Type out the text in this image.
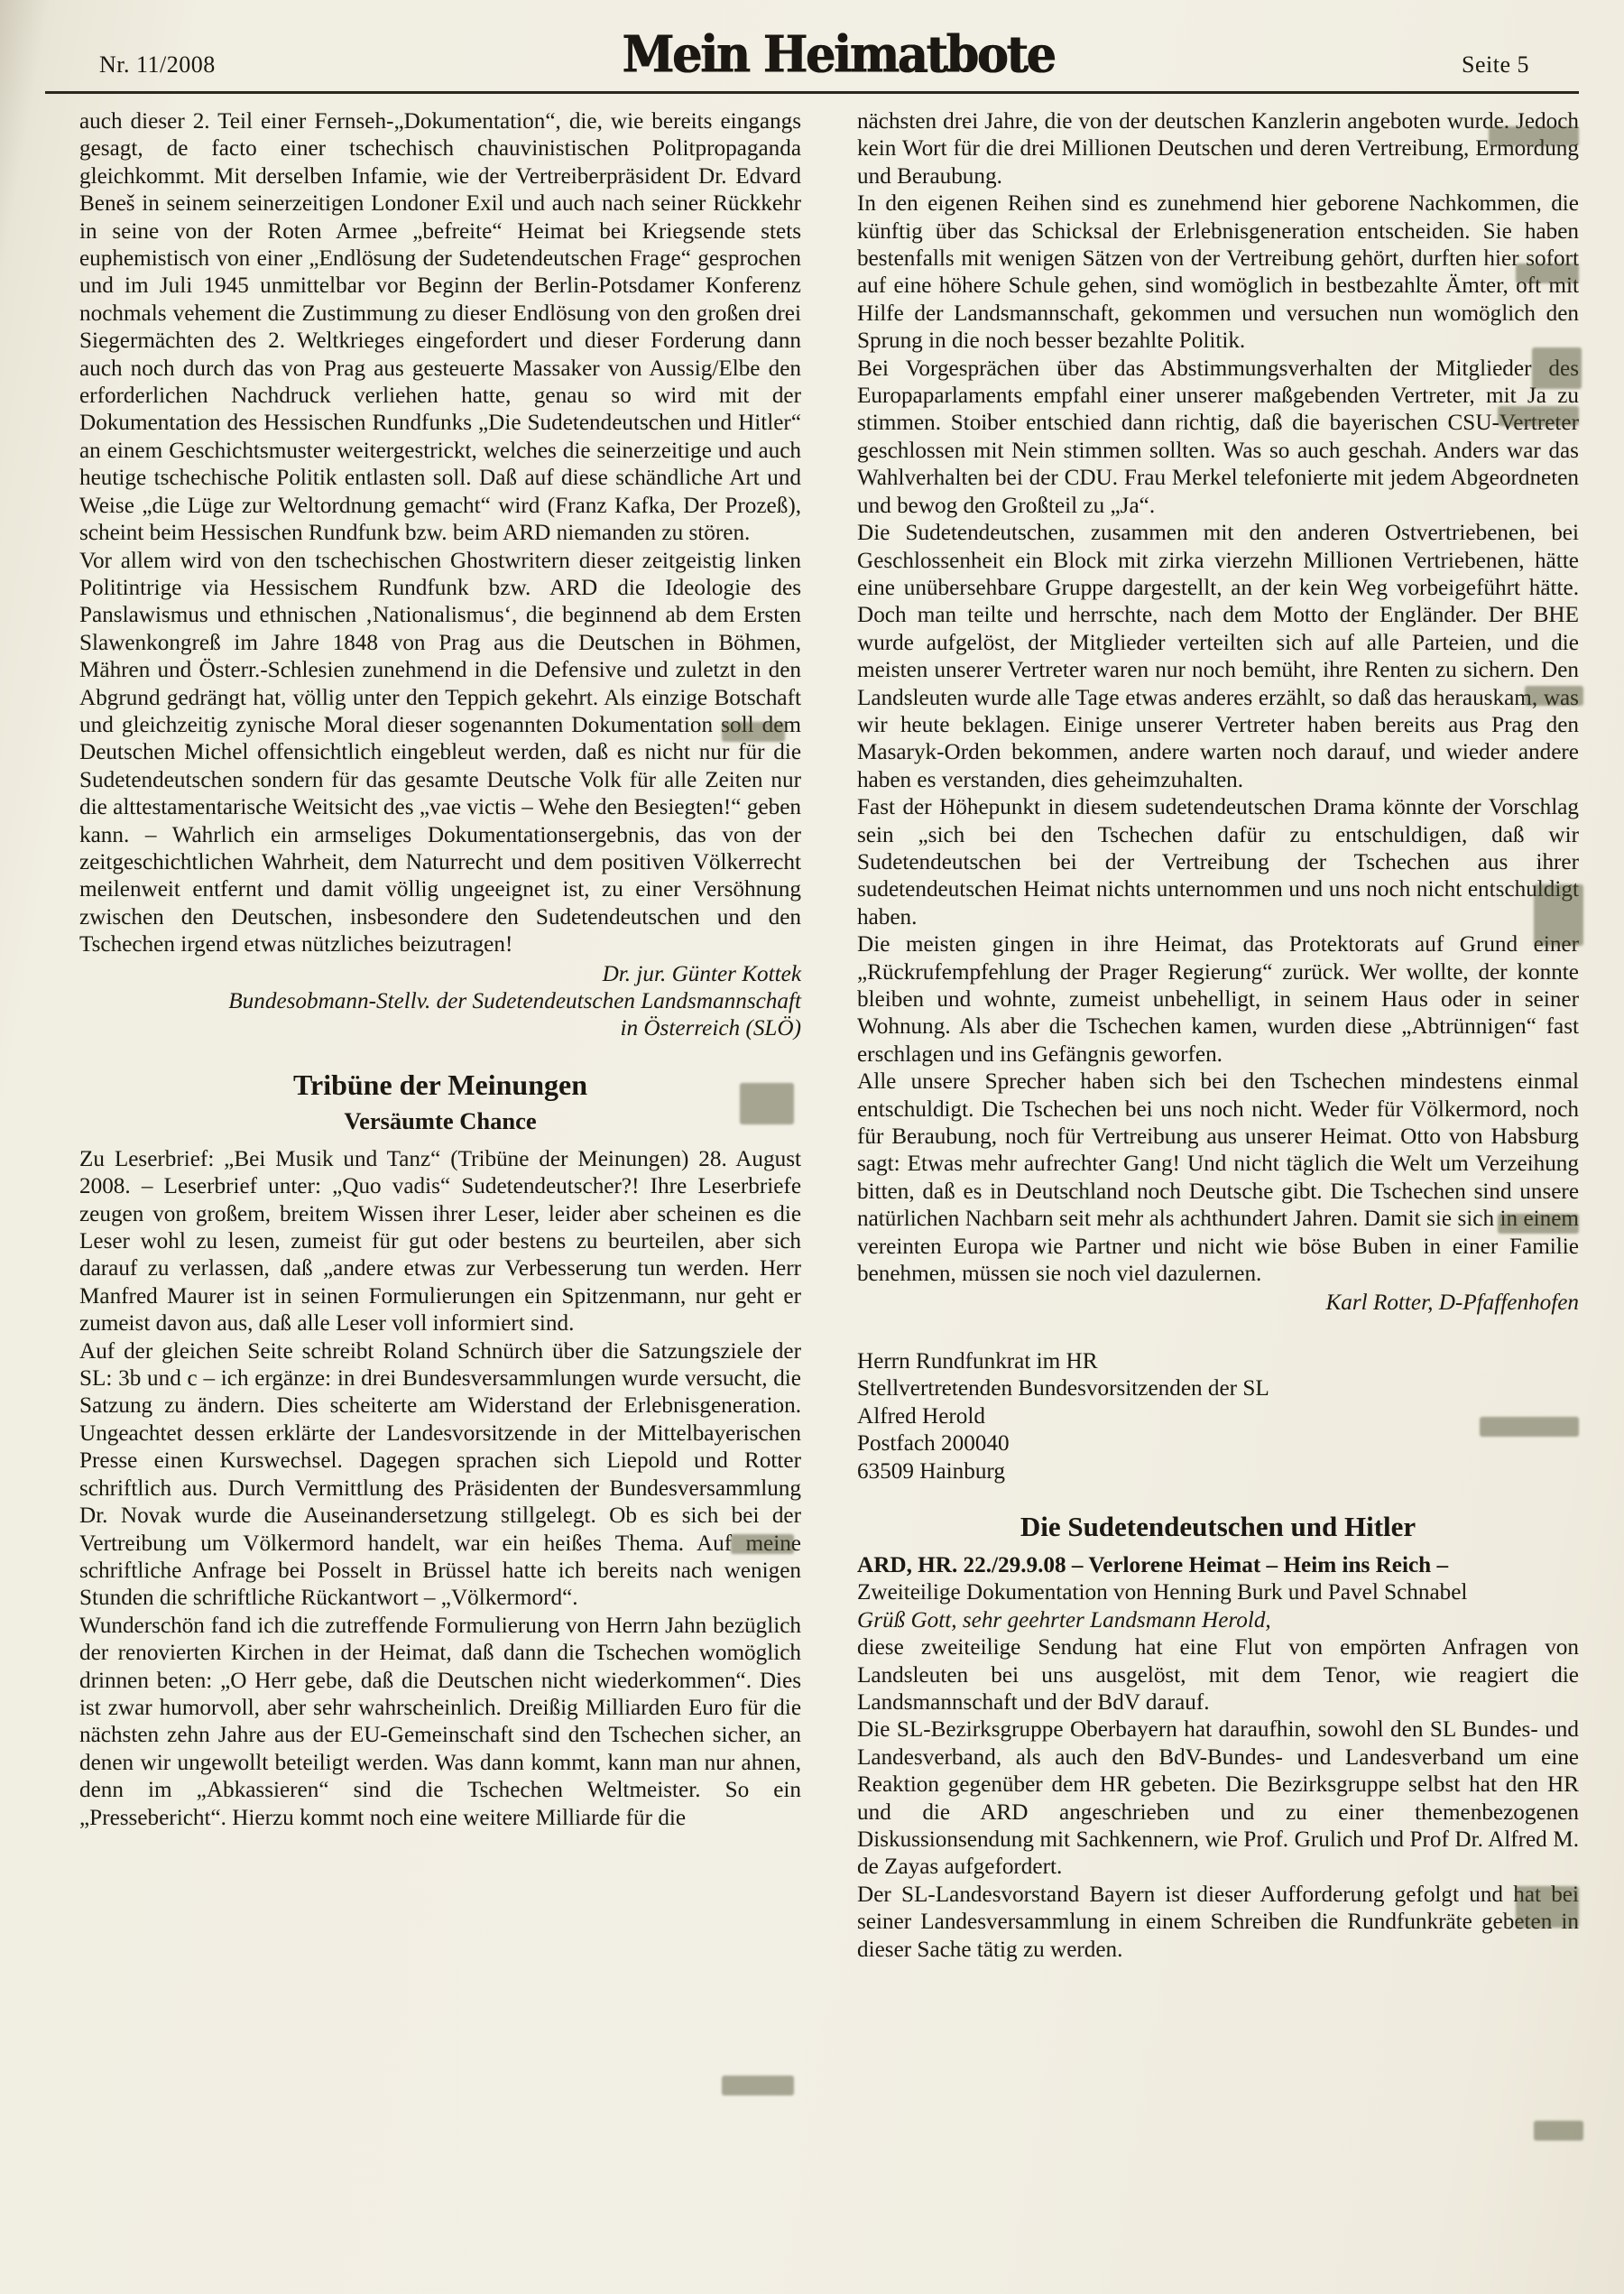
Nr. 11/2008	Mein Heimatbote	Seite 5

auch dieser 2. Teil einer Fernseh-„Dokumentation“, die, wie bereits eingangs gesagt, de facto einer tschechisch chauvinistischen Politpropaganda gleichkommt. Mit derselben Infamie, wie der Vertreiberpräsident Dr. Edvard Beneš in seinem seinerzeitigen Londoner Exil und auch nach seiner Rückkehr in seine von der Roten Armee „befreite“ Heimat bei Kriegsende stets euphemistisch von einer „Endlösung der Sudetendeutschen Frage“ gesprochen und im Juli 1945 unmittelbar vor Beginn der Berlin-Potsdamer Konferenz nochmals vehement die Zustimmung zu dieser Endlösung von den großen drei Siegermächten des 2. Weltkrieges eingefordert und dieser Forderung dann auch noch durch das von Prag aus gesteuerte Massaker von Aussig/Elbe den erforderlichen Nachdruck verliehen hatte, genau so wird mit der Dokumentation des Hessischen Rundfunks „Die Sudetendeutschen und Hitler“ an einem Geschichtsmuster weitergestrickt, welches die seinerzeitige und auch heutige tschechische Politik entlasten soll. Daß auf diese schändliche Art und Weise „die Lüge zur Weltordnung gemacht“ wird (Franz Kafka, Der Prozeß), scheint beim Hessischen Rundfunk bzw. beim ARD niemanden zu stören.

Vor allem wird von den tschechischen Ghostwritern dieser zeitgeistig linken Politintrige via Hessischem Rundfunk bzw. ARD die Ideologie des Panslawismus und ethnischen ‚Nationalismus‘, die beginnend ab dem Ersten Slawenkongreß im Jahre 1848 von Prag aus die Deutschen in Böhmen, Mähren und Österr.-Schlesien zunehmend in die Defensive und zuletzt in den Abgrund gedrängt hat, völlig unter den Teppich gekehrt. Als einzige Botschaft und gleichzeitig zynische Moral dieser sogenannten Dokumentation soll dem Deutschen Michel offensichtlich eingebleut werden, daß es nicht nur für die Sudetendeutschen sondern für das gesamte Deutsche Volk für alle Zeiten nur die alttestamentarische Weitsicht des „vae victis – Wehe den Besiegten!“ geben kann. – Wahrlich ein armseliges Dokumentationsergebnis, das von der zeitgeschichtlichen Wahrheit, dem Naturrecht und dem positiven Völkerrecht meilenweit entfernt und damit völlig ungeeignet ist, zu einer Versöhnung zwischen den Deutschen, insbesondere den Sudetendeutschen und den Tschechen irgend etwas nützliches beizutragen!

Dr. jur. Günter Kottek
Bundesobmann-Stellv. der Sudetendeutschen Landsmannschaft
in Österreich (SLÖ)
Tribüne der Meinungen
Versäumte Chance

Zu Leserbrief: „Bei Musik und Tanz“ (Tribüne der Meinungen) 28. August 2008. – Leserbrief unter: „Quo vadis“ Sudetendeutscher?! Ihre Leserbriefe zeugen von großem, breitem Wissen ihrer Leser, leider aber scheinen es die Leser wohl zu lesen, zumeist für gut oder bestens zu beurteilen, aber sich darauf zu verlassen, daß „andere etwas zur Verbesserung tun werden. Herr Manfred Maurer ist in seinen Formulierungen ein Spitzenmann, nur geht er zumeist davon aus, daß alle Leser voll informiert sind.

Auf der gleichen Seite schreibt Roland Schnürch über die Satzungsziele der SL: 3b und c – ich ergänze: in drei Bundesversammlungen wurde versucht, die Satzung zu ändern. Dies scheiterte am Widerstand der Erlebnisgeneration. Ungeachtet dessen erklärte der Landesvorsitzende in der Mittelbayerischen Presse einen Kurswechsel. Dagegen sprachen sich Liepold und Rotter schriftlich aus. Durch Vermittlung des Präsidenten der Bundesversammlung Dr. Novak wurde die Auseinandersetzung stillgelegt. Ob es sich bei der Vertreibung um Völkermord handelt, war ein heißes Thema. Auf meine schriftliche Anfrage bei Posselt in Brüssel hatte ich bereits nach wenigen Stunden die schriftliche Rückantwort – „Völkermord“.

Wunderschön fand ich die zutreffende Formulierung von Herrn Jahn bezüglich der renovierten Kirchen in der Heimat, daß dann die Tschechen womöglich drinnen beten: „O Herr gebe, daß die Deutschen nicht wiederkommen“. Dies ist zwar humorvoll, aber sehr wahrscheinlich. Dreißig Milliarden Euro für die nächsten zehn Jahre aus der EU-Gemeinschaft sind den Tschechen sicher, an denen wir ungewollt beteiligt werden. Was dann kommt, kann man nur ahnen, denn im „Abkassieren“ sind die Tschechen Weltmeister. So ein „Pressebericht“. Hierzu kommt noch eine weitere Milliarde für die

nächsten drei Jahre, die von der deutschen Kanzlerin angeboten wurde. Jedoch kein Wort für die drei Millionen Deutschen und deren Vertreibung, Ermordung und Beraubung.

In den eigenen Reihen sind es zunehmend hier geborene Nachkommen, die künftig über das Schicksal der Erlebnisgeneration entscheiden. Sie haben bestenfalls mit wenigen Sätzen von der Vertreibung gehört, durften hier sofort auf eine höhere Schule gehen, sind womöglich in bestbezahlte Ämter, oft mit Hilfe der Landsmannschaft, gekommen und versuchen nun womöglich den Sprung in die noch besser bezahlte Politik.

Bei Vorgesprächen über das Abstimmungsverhalten der Mitglieder des Europaparlaments empfahl einer unserer maßgebenden Vertreter, mit Ja zu stimmen. Stoiber entschied dann richtig, daß die bayerischen CSU-Vertreter geschlossen mit Nein stimmen sollten. Was so auch geschah. Anders war das Wahlverhalten bei der CDU. Frau Merkel telefonierte mit jedem Abgeordneten und bewog den Großteil zu „Ja“.

Die Sudetendeutschen, zusammen mit den anderen Ostvertriebenen, bei Geschlossenheit ein Block mit zirka vierzehn Millionen Vertriebenen, hätte eine unübersehbare Gruppe dargestellt, an der kein Weg vorbeigeführt hätte. Doch man teilte und herrschte, nach dem Motto der Engländer. Der BHE wurde aufgelöst, der Mitglieder verteilten sich auf alle Parteien, und die meisten unserer Vertreter waren nur noch bemüht, ihre Renten zu sichern. Den Landsleuten wurde alle Tage etwas anderes erzählt, so daß das herauskam, was wir heute beklagen. Einige unserer Vertreter haben bereits aus Prag den Masaryk-Orden bekommen, andere warten noch darauf, und wieder andere haben es verstanden, dies geheimzuhalten.

Fast der Höhepunkt in diesem sudetendeutschen Drama könnte der Vorschlag sein „sich bei den Tschechen dafür zu entschuldigen, daß wir Sudetendeutschen bei der Vertreibung der Tschechen aus ihrer sudetendeutschen Heimat nichts unternommen und uns noch nicht entschuldigt haben.

Die meisten gingen in ihre Heimat, das Protektorats auf Grund einer „Rückrufempfehlung der Prager Regierung“ zurück. Wer wollte, der konnte bleiben und wohnte, zumeist unbehelligt, in seinem Haus oder in seiner Wohnung. Als aber die Tschechen kamen, wurden diese „Abtrünnigen“ fast erschlagen und ins Gefängnis geworfen.

Alle unsere Sprecher haben sich bei den Tschechen mindestens einmal entschuldigt. Die Tschechen bei uns noch nicht. Weder für Völkermord, noch für Beraubung, noch für Vertreibung aus unserer Heimat. Otto von Habsburg sagt: Etwas mehr aufrechter Gang! Und nicht täglich die Welt um Verzeihung bitten, daß es in Deutschland noch Deutsche gibt. Die Tschechen sind unsere natürlichen Nachbarn seit mehr als achthundert Jahren. Damit sie sich in einem vereinten Europa wie Partner und nicht wie böse Buben in einer Familie benehmen, müssen sie noch viel dazulernen.

Karl Rotter, D-Pfaffenhofen
Herrn Rundfunkrat im HR
Stellvertretenden Bundesvorsitzenden der SL
Alfred Herold
Postfach 200040
63509 Hainburg
Die Sudetendeutschen und Hitler
ARD, HR. 22./29.9.08 – Verlorene Heimat – Heim ins Reich –
Zweiteilige Dokumentation von Henning Burk und Pavel Schnabel
Grüß Gott, sehr geehrter Landsmann Herold,

diese zweiteilige Sendung hat eine Flut von empörten Anfragen von Landsleuten bei uns ausgelöst, mit dem Tenor, wie reagiert die Landsmannschaft und der BdV darauf.

Die SL-Bezirksgruppe Oberbayern hat daraufhin, sowohl den SL Bundes- und Landesverband, als auch den BdV-Bundes- und Landesverband um eine Reaktion gegenüber dem HR gebeten. Die Bezirksgruppe selbst hat den HR und die ARD angeschrieben und zu einer themenbezogenen Diskussionsendung mit Sachkennern, wie Prof. Grulich und Prof Dr. Alfred M. de Zayas aufgefordert.

Der SL-Landesvorstand Bayern ist dieser Aufforderung gefolgt und hat bei seiner Landesversammlung in einem Schreiben die Rundfunkräte gebeten in dieser Sache tätig zu werden.
